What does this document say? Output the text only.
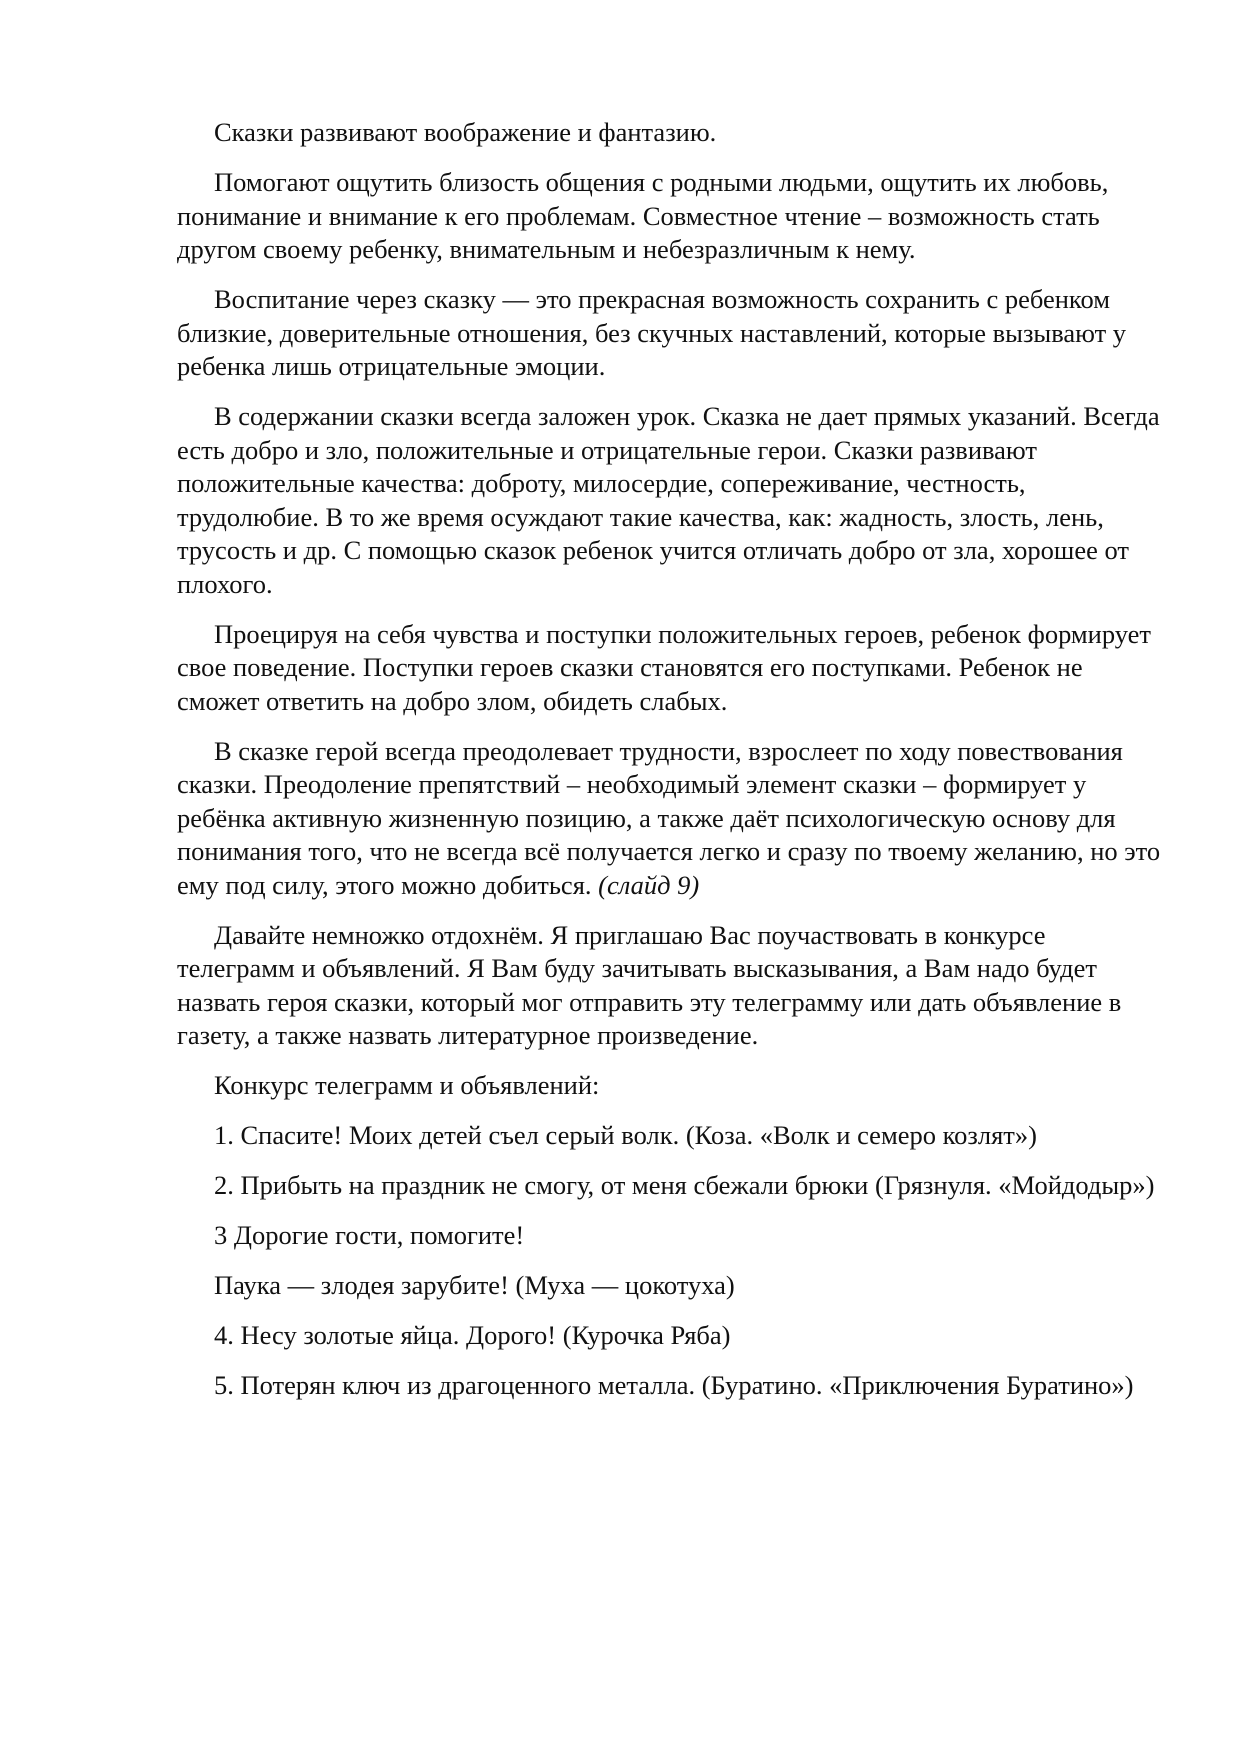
Сказки развивают воображение и фантазию.

Помогают ощутить близость общения с родными людьми, ощутить их любовь, понимание и внимание к его проблемам. Совместное чтение – возможность стать другом своему ребенку, внимательным и небезразличным к нему.

Воспитание через сказку — это прекрасная возможность сохранить с ребенком близкие, доверительные отношения, без скучных наставлений, которые вызывают у ребенка лишь отрицательные эмоции.

В содержании сказки всегда заложен урок. Сказка не дает прямых указаний. Всегда есть добро и зло, положительные и отрицательные герои. Сказки развивают положительные качества: доброту, милосердие, сопереживание, честность, трудолюбие. В то же время осуждают такие качества, как: жадность, злость, лень, трусость и др. С помощью сказок ребенок учится отличать добро от зла, хорошее от плохого.

Проецируя на себя чувства и поступки положительных героев, ребенок формирует свое поведение. Поступки героев сказки становятся его поступками. Ребенок не сможет ответить на добро злом, обидеть слабых.

В сказке герой всегда преодолевает трудности, взрослеет по ходу повествования сказки. Преодоление препятствий – необходимый элемент сказки – формирует у ребёнка активную жизненную позицию, а также даёт психологическую основу для понимания того, что не всегда всё получается легко и сразу по твоему желанию, но это ему под силу, этого можно добиться. (слайд 9)

Давайте немножко отдохнём. Я приглашаю Вас поучаствовать в конкурсе телеграмм и объявлений. Я Вам буду зачитывать высказывания, а Вам надо будет назвать героя сказки, который мог отправить эту телеграмму или дать объявление в газету, а также назвать литературное произведение.

Конкурс телеграмм и объявлений:

1. Спасите! Моих детей съел серый волк. (Коза. «Волк и семеро козлят»)

2. Прибыть на праздник не смогу, от меня сбежали брюки (Грязнуля. «Мойдодыр»)

3 Дорогие гости, помогите!

Паука — злодея зарубите! (Муха — цокотуха)

4. Несу золотые яйца. Дорого! (Курочка Ряба)

5. Потерян ключ из драгоценного металла. (Буратино. «Приключения Буратино»)
